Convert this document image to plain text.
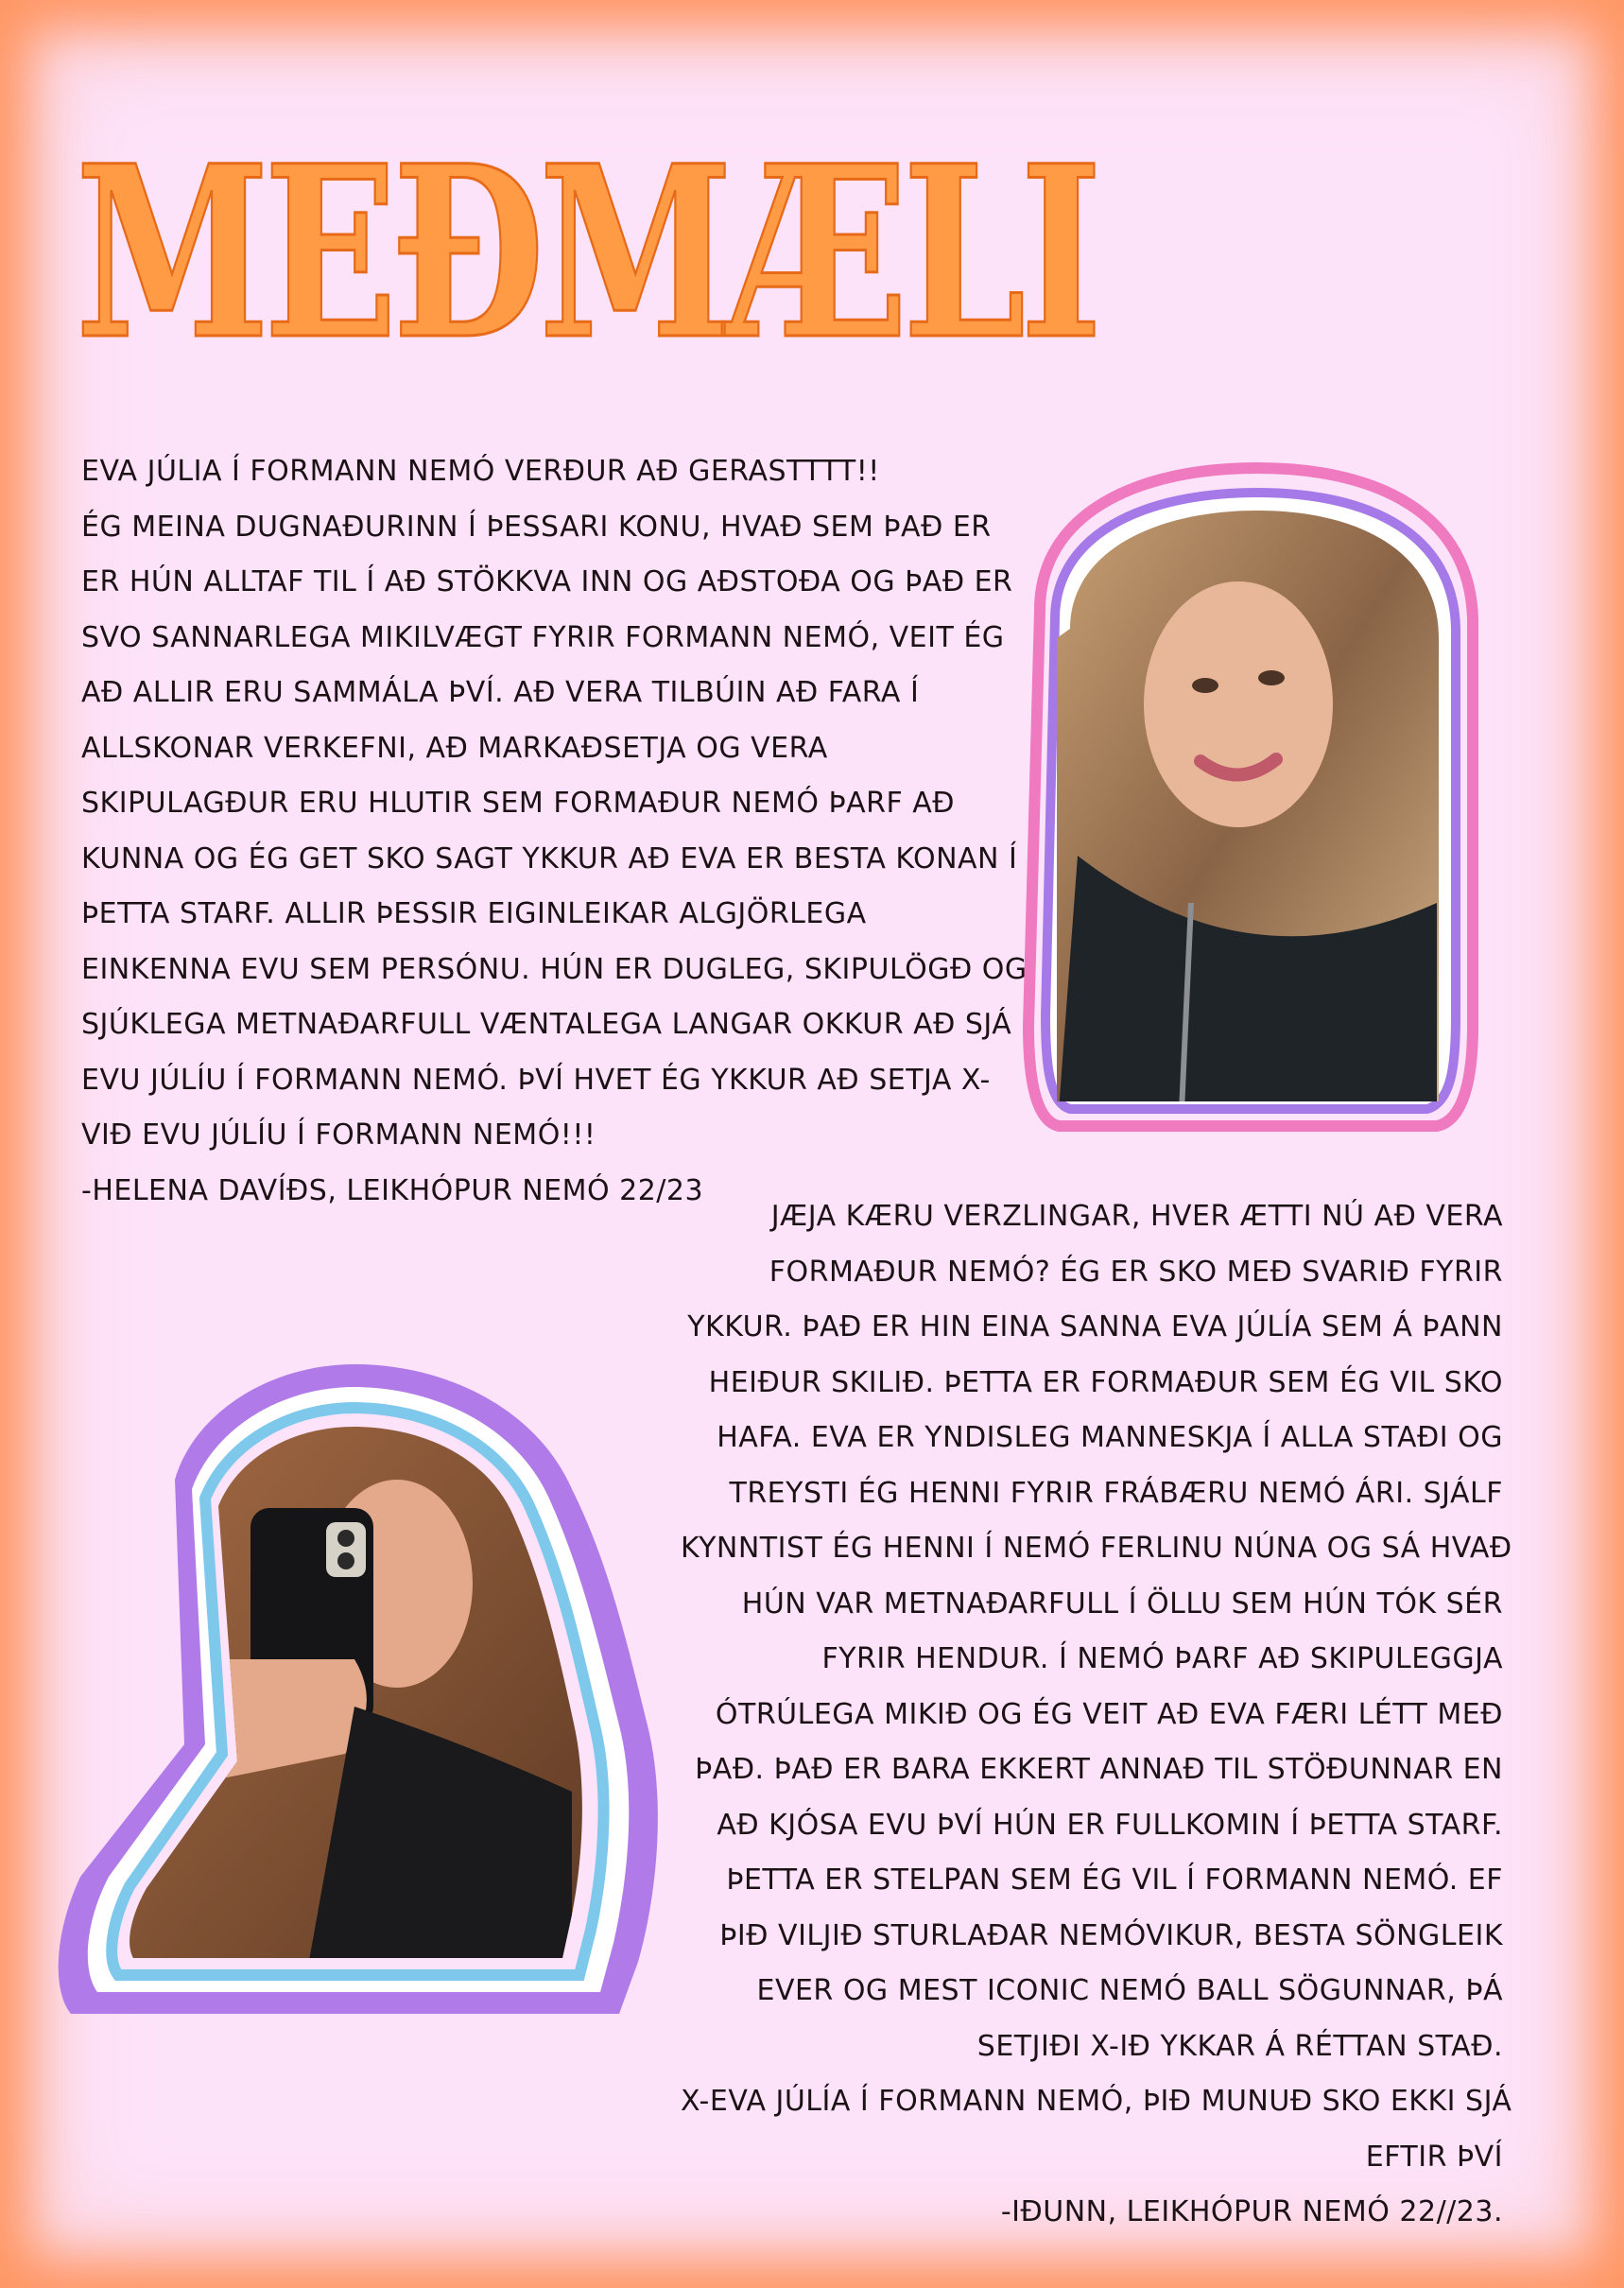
MEÐMÆLI
EVA JÚLIA Í FORMANN NEMÓ VERÐUR AÐ GERASTTTT!!
ÉG MEINA DUGNAÐURINN Í ÞESSARI KONU, HVAÐ SEM ÞAÐ ER
ER HÚN ALLTAF TIL Í AÐ STÖKKVA INN OG AÐSTOÐA OG ÞAÐ ER
SVO SANNARLEGA MIKILVÆGT FYRIR FORMANN NEMÓ, VEIT ÉG
AÐ ALLIR ERU SAMMÁLA ÞVÍ. AÐ VERA TILBÚIN AÐ FARA Í
ALLSKONAR VERKEFNI, AÐ MARKAÐSETJA OG VERA
SKIPULAGÐUR ERU HLUTIR SEM FORMAÐUR NEMÓ ÞARF AÐ
KUNNA OG ÉG GET SKO SAGT YKKUR AÐ EVA ER BESTA KONAN Í
ÞETTA STARF. ALLIR ÞESSIR EIGINLEIKAR ALGJÖRLEGA
EINKENNA EVU SEM PERSÓNU. HÚN ER DUGLEG, SKIPULÖGÐ OG
SJÚKLEGA METNAÐARFULL VÆNTALEGA LANGAR OKKUR AÐ SJÁ
EVU JÚLÍU Í FORMANN NEMÓ. ÞVÍ HVET ÉG YKKUR AÐ SETJA X-
VIÐ EVU JÚLÍU Í FORMANN NEMÓ!!!
-HELENA DAVÍÐS, LEIKHÓPUR NEMÓ 22/23
JÆJA KÆRU VERZLINGAR, HVER ÆTTI NÚ AÐ VERA
FORMAÐUR NEMÓ? ÉG ER SKO MEÐ SVARIÐ FYRIR
YKKUR. ÞAÐ ER HIN EINA SANNA EVA JÚLÍA SEM Á ÞANN
HEIÐUR SKILIÐ. ÞETTA ER FORMAÐUR SEM ÉG VIL SKO
HAFA. EVA ER YNDISLEG MANNESKJA Í ALLA STAÐI OG
TREYSTI ÉG HENNI FYRIR FRÁBÆRU NEMÓ ÁRI. SJÁLF
KYNNTIST ÉG HENNI Í NEMÓ FERLINU NÚNA OG SÁ HVAÐ
HÚN VAR METNAÐARFULL Í ÖLLU SEM HÚN TÓK SÉR
FYRIR HENDUR. Í NEMÓ ÞARF AÐ SKIPULEGGJA
ÓTRÚLEGA MIKIÐ OG ÉG VEIT AÐ EVA FÆRI LÉTT MEÐ
ÞAÐ. ÞAÐ ER BARA EKKERT ANNAÐ TIL STÖÐUNNAR EN
AÐ KJÓSA EVU ÞVÍ HÚN ER FULLKOMIN Í ÞETTA STARF.
ÞETTA ER STELPAN SEM ÉG VIL Í FORMANN NEMÓ. EF
ÞIÐ VILJIÐ STURLAÐAR NEMÓVIKUR, BESTA SÖNGLEIK
EVER OG MEST ICONIC NEMÓ BALL SÖGUNNAR, ÞÁ
SETJIÐI X-IÐ YKKAR Á RÉTTAN STAÐ.
X-EVA JÚLÍA Í FORMANN NEMÓ, ÞIÐ MUNUÐ SKO EKKI SJÁ
EFTIR ÞVÍ
-IÐUNN, LEIKHÓPUR NEMÓ 22//23.
